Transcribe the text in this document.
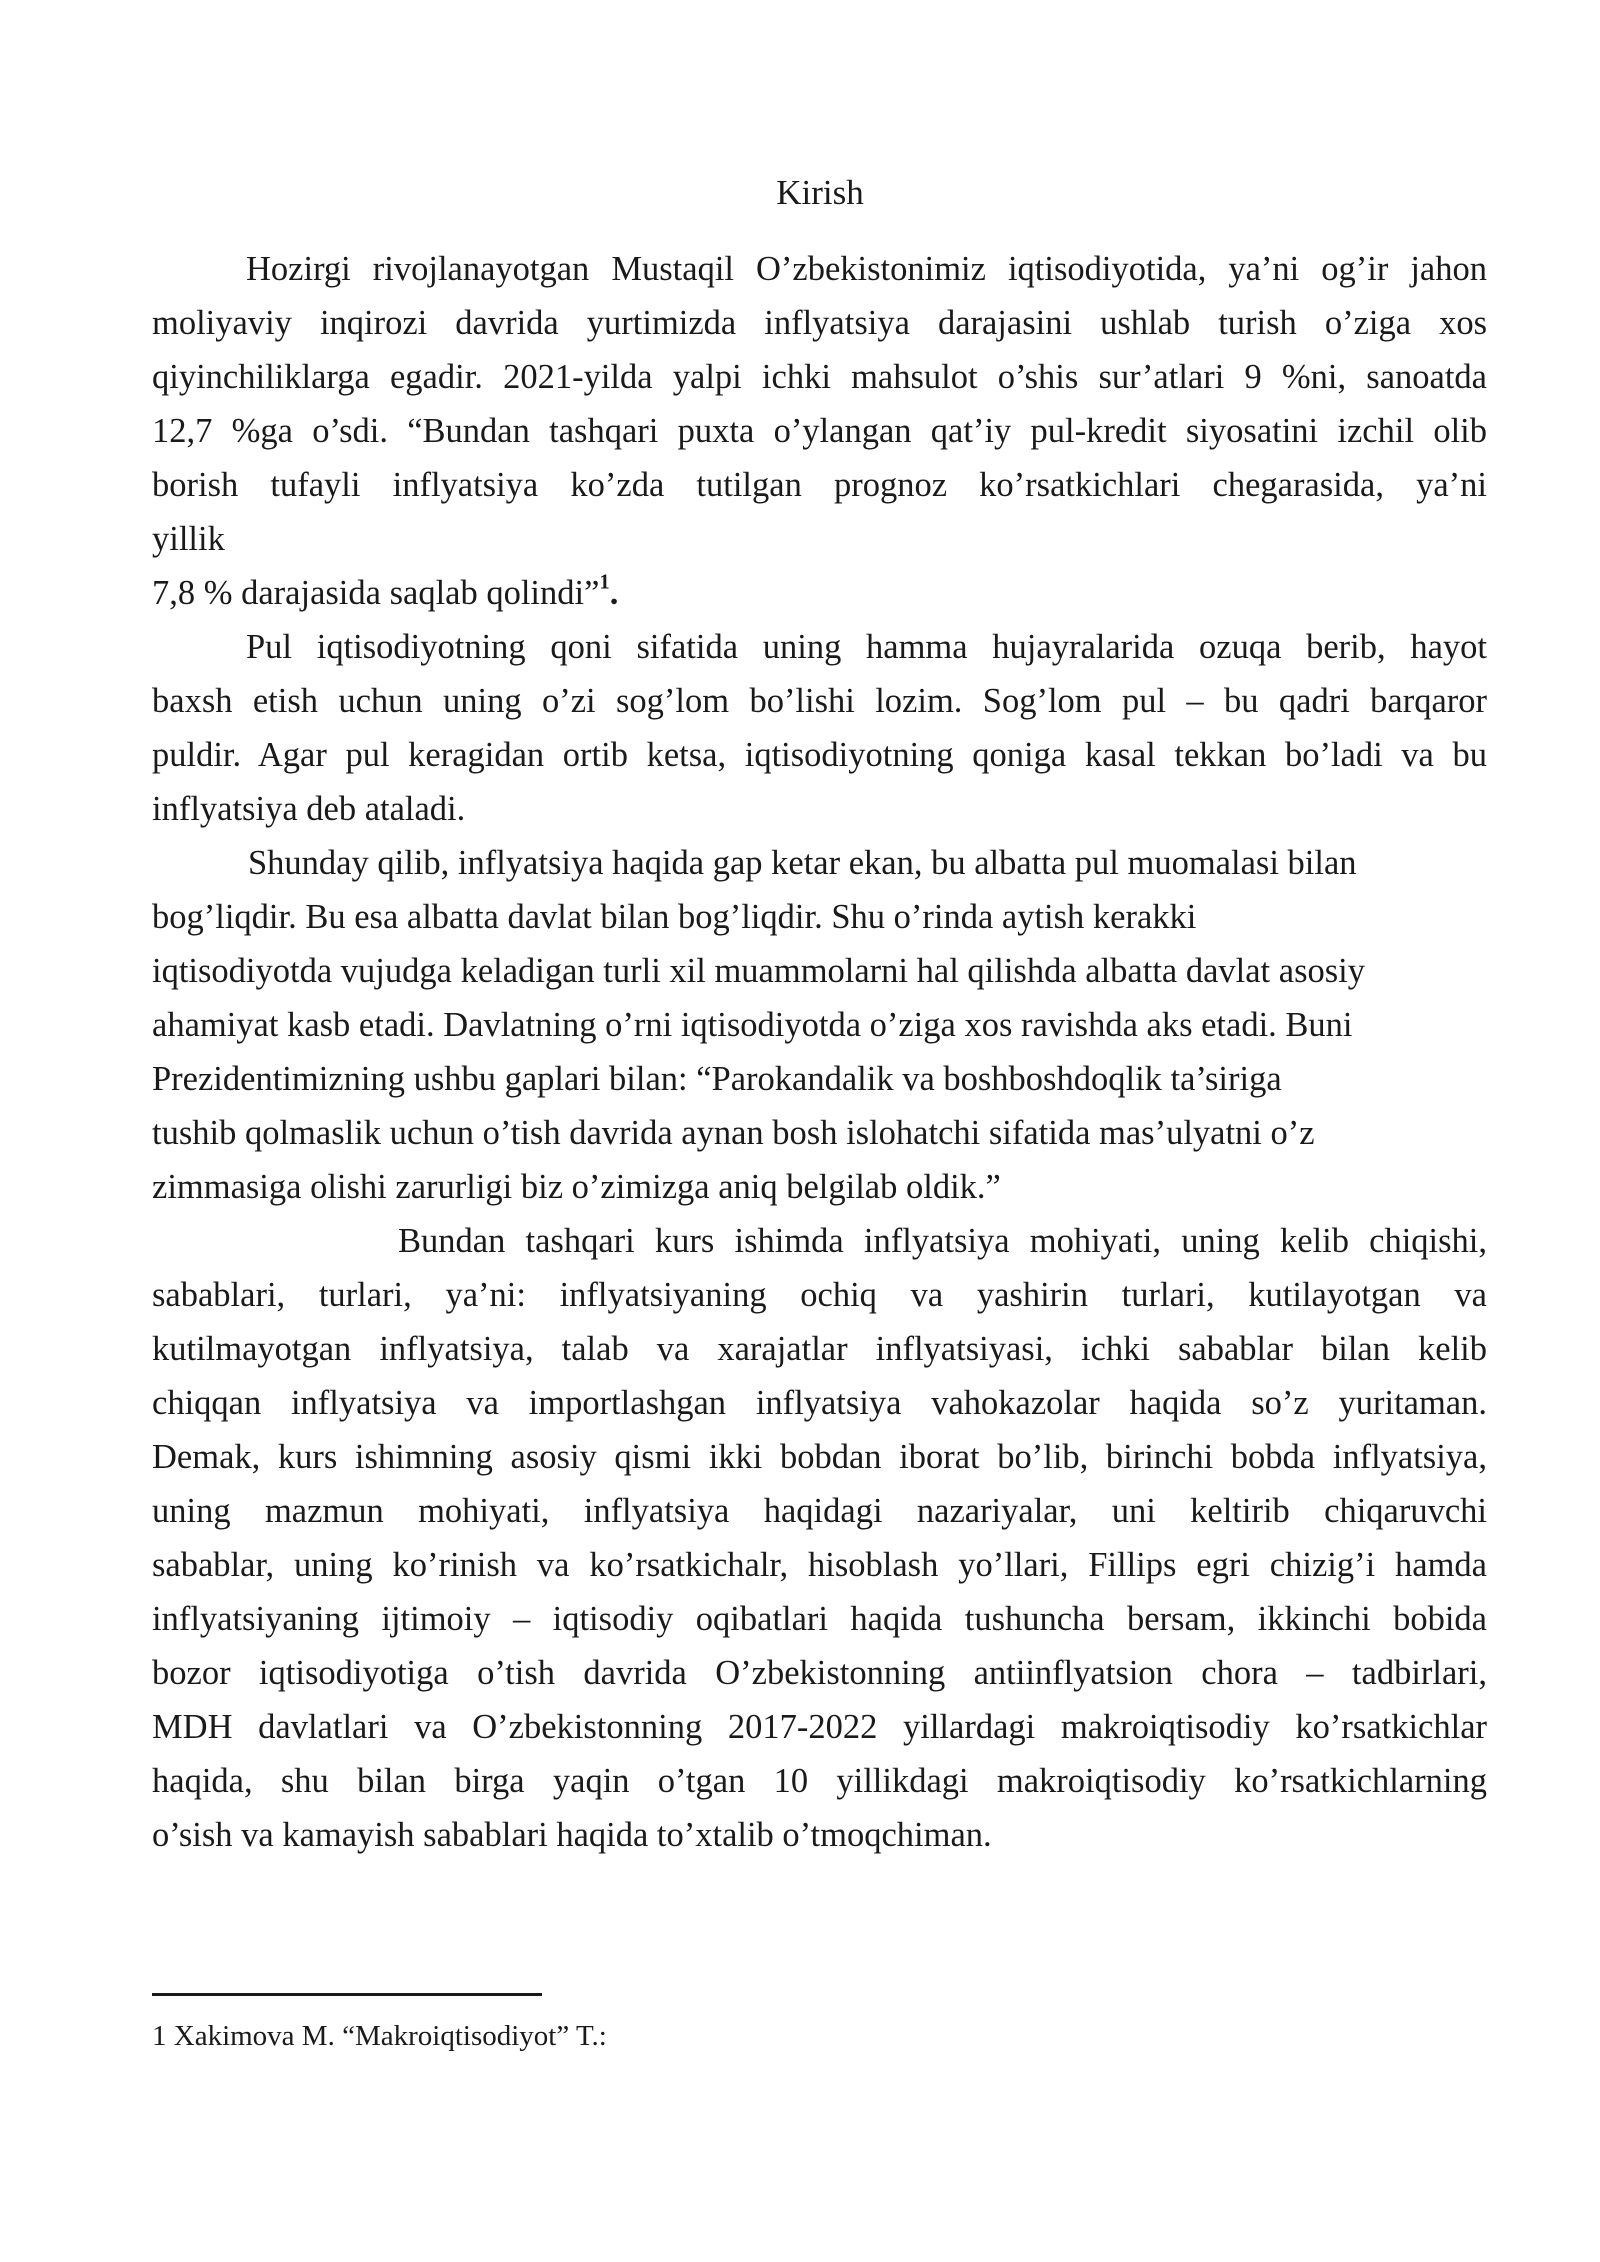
Kirish
Hozirgi rivojlanayotgan Mustaqil O’zbekistonimiz iqtisodiyotida, ya’ni og’ir jahon
moliyaviy inqirozi davrida yurtimizda inflyatsiya darajasini ushlab turish o’ziga xos
qiyinchiliklarga egadir. 2021-yilda yalpi ichki mahsulot o’shis sur’atlari 9 %ni, sanoatda
12,7 %ga o’sdi. “Bundan tashqari puxta o’ylangan qat’iy pul-kredit siyosatini izchil olib
borish tufayli inflyatsiya ko’zda tutilgan prognoz ko’rsatkichlari chegarasida, ya’ni
yillik
7,8 % darajasida saqlab qolindi”$^1$.
Pul iqtisodiyotning qoni sifatida uning hamma hujayralarida ozuqa berib, hayot
baxsh etish uchun uning o’zi sog’lom bo’lishi lozim. Sog’lom pul – bu qadri barqaror
puldir. Agar pul keragidan ortib ketsa, iqtisodiyotning qoniga kasal tekkan bo’ladi va bu
inflyatsiya deb ataladi.
Shunday qilib, inflyatsiya haqida gap ketar ekan, bu albatta pul muomalasi bilan
bog’liqdir. Bu esa albatta davlat bilan bog’liqdir. Shu o’rinda aytish kerakki
iqtisodiyotda vujudga keladigan turli xil muammolarni hal qilishda albatta davlat asosiy
ahamiyat kasb etadi. Davlatning o’rni iqtisodiyotda o’ziga xos ravishda aks etadi. Buni
Prezidentimizning ushbu gaplari bilan: “Parokandalik va boshboshdoqlik ta’siriga
tushib qolmaslik uchun o’tish davrida aynan bosh islohatchi sifatida mas’ulyatni o’z
zimmasiga olishi zarurligi biz o’zimizga aniq belgilab oldik.”
Bundan tashqari kurs ishimda inflyatsiya mohiyati, uning kelib chiqishi,
sabablari, turlari, ya’ni: inflyatsiyaning ochiq va yashirin turlari, kutilayotgan va
kutilmayotgan inflyatsiya, talab va xarajatlar inflyatsiyasi, ichki sabablar bilan kelib
chiqqan inflyatsiya va importlashgan inflyatsiya vahokazolar haqida so’z yuritaman.
Demak, kurs ishimning asosiy qismi ikki bobdan iborat bo’lib, birinchi bobda inflyatsiya,
uning mazmun mohiyati, inflyatsiya haqidagi nazariyalar, uni keltirib chiqaruvchi
sabablar, uning ko’rinish va ko’rsatkichalr, hisoblash yo’llari, Fillips egri chizig’i hamda
inflyatsiyaning ijtimoiy – iqtisodiy oqibatlari haqida tushuncha bersam, ikkinchi bobida
bozor iqtisodiyotiga o’tish davrida O’zbekistonning antiinflyatsion chora – tadbirlari,
MDH davlatlari va O’zbekistonning 2017-2022 yillardagi makroiqtisodiy ko’rsatkichlar
haqida, shu bilan birga yaqin o’tgan 10 yillikdagi makroiqtisodiy ko’rsatkichlarning
o’sish va kamayish sabablari haqida to’xtalib o’tmoqchiman.
1 Xakimova M. “Makroiqtisodiyot” T.:
